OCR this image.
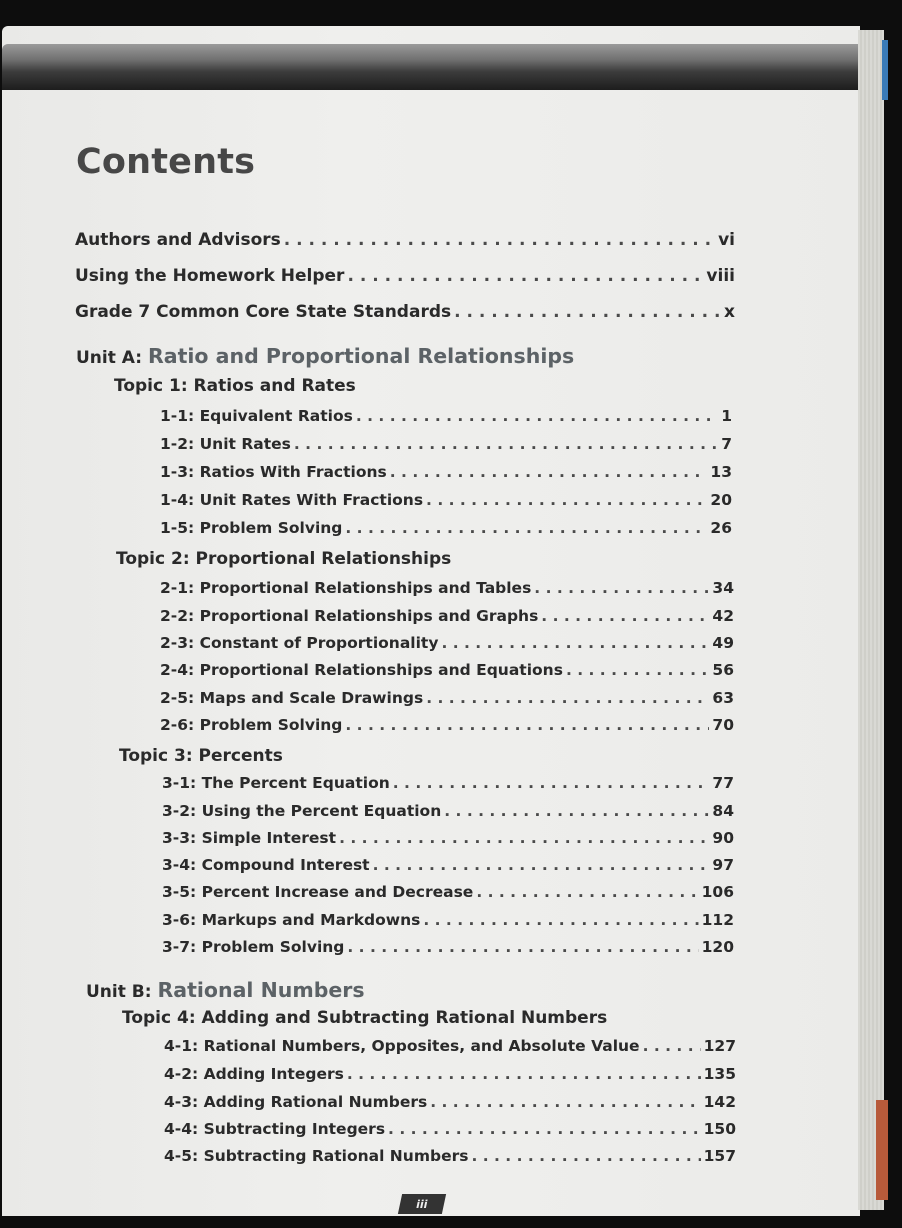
Contents
Authors and Advisors . . .	vi
Using the Homework Helper . . .	viii
Grade 7 Common Core State Standards . . .	x
Unit A: Ratio and Proportional Relationships
Topic 1: Ratios and Rates
1-1: Equivalent Ratios . . .	1
1-2: Unit Rates . . .	7
1-3: Ratios With Fractions . . .	13
1-4: Unit Rates With Fractions . . .	20
1-5: Problem Solving . . .	26
Topic 2: Proportional Relationships
2-1: Proportional Relationships and Tables . . .	34
2-2: Proportional Relationships and Graphs . . .	42
2-3: Constant of Proportionality . . .	49
2-4: Proportional Relationships and Equations . . .	56
2-5: Maps and Scale Drawings . . .	63
2-6: Problem Solving . . .	70
Topic 3: Percents
3-1: The Percent Equation . . .	77
3-2: Using the Percent Equation . . .	84
3-3: Simple Interest . . .	90
3-4: Compound Interest . . .	97
3-5: Percent Increase and Decrease . . .	106
3-6: Markups and Markdowns . . .	112
3-7: Problem Solving . . .	120
Unit B: Rational Numbers
Topic 4: Adding and Subtracting Rational Numbers
4-1: Rational Numbers, Opposites, and Absolute Value . . .	127
4-2: Adding Integers . . .	135
4-3: Adding Rational Numbers . . .	142
4-4: Subtracting Integers . . .	150
4-5: Subtracting Rational Numbers . . .	157
iii
